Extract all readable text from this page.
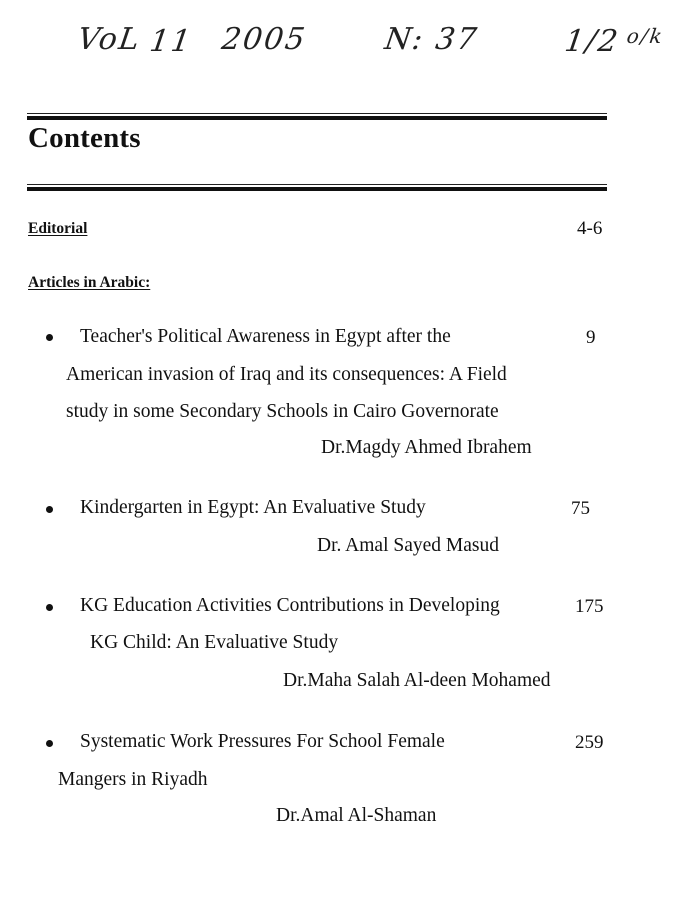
VoL 11 2005 N: 37	1/2 o/k
Contents
Editorial	4-6
Articles in Arabic:
Teacher's Political Awareness in Egypt after the	9
American invasion of Iraq and its consequences: A Field
study in some Secondary Schools in Cairo Governorate
Dr.Magdy Ahmed Ibrahem
Kindergarten in Egypt: An Evaluative Study	75
Dr. Amal Sayed Masud
KG Education Activities Contributions in Developing	175
KG Child: An Evaluative Study
Dr.Maha Salah Al-deen Mohamed
Systematic Work Pressures For School Female	259
Mangers in Riyadh
Dr.Amal Al-Shaman
